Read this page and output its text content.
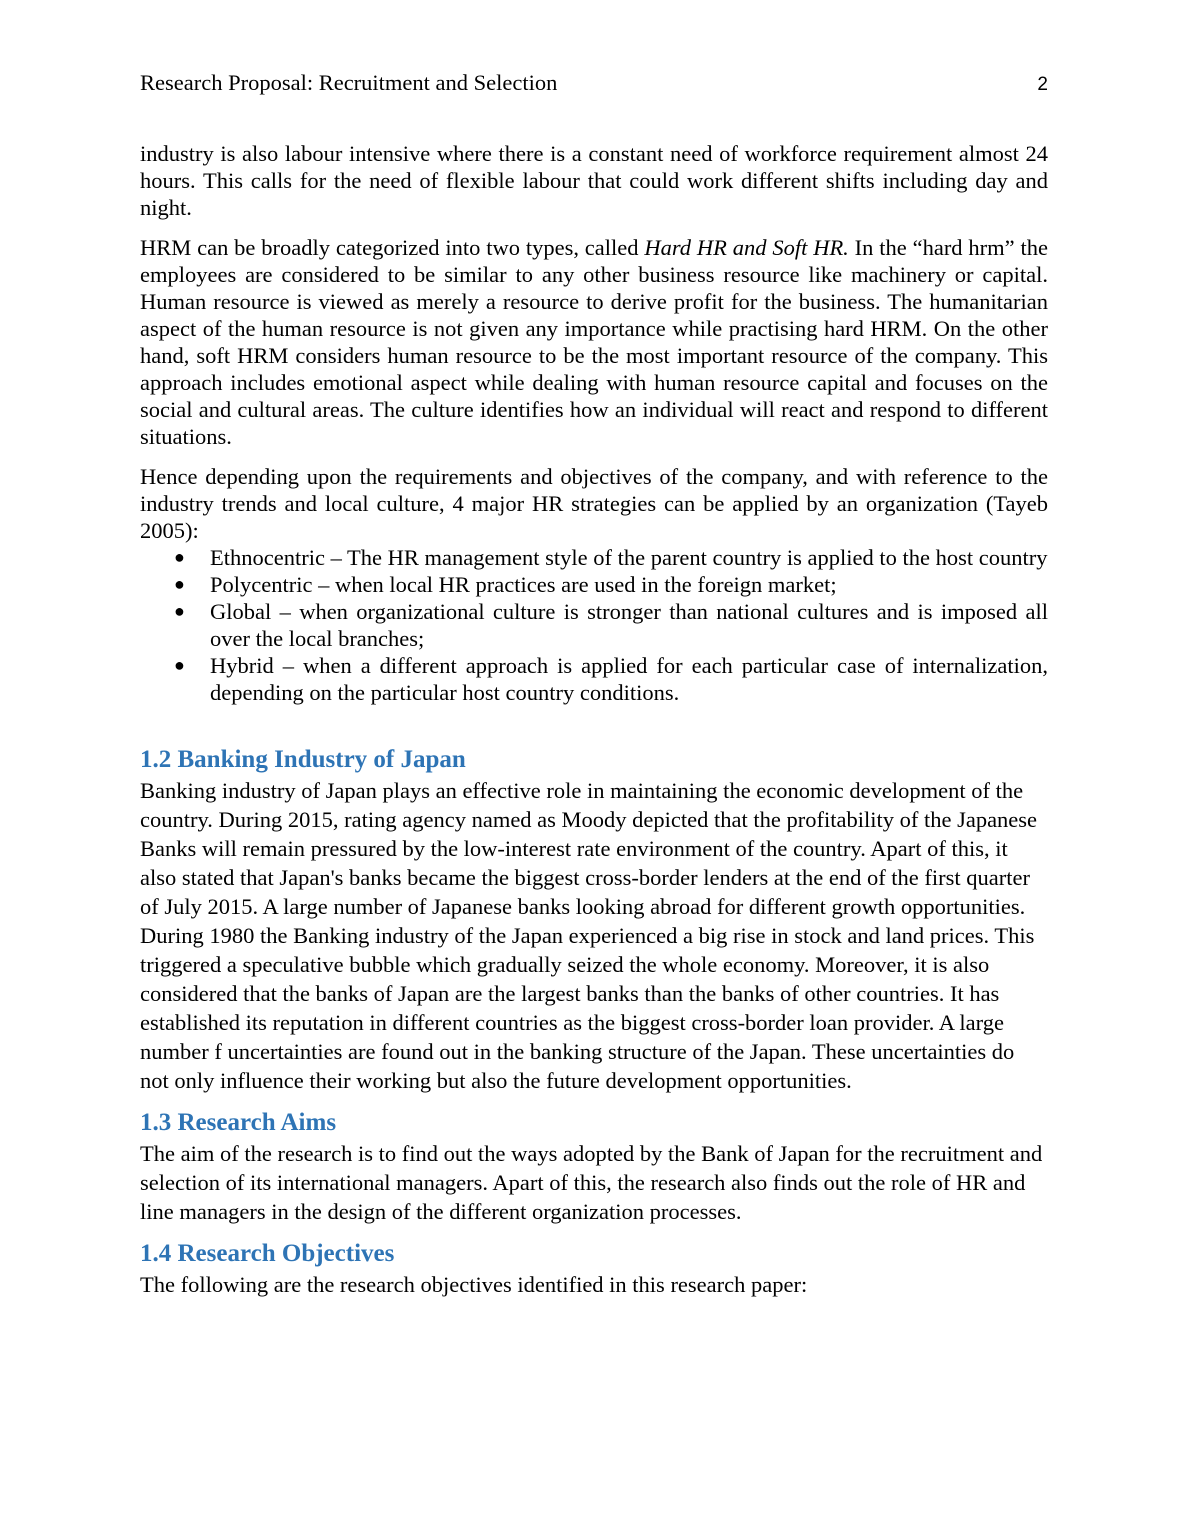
Research Proposal: Recruitment and Selection	2

industry is also labour intensive where there is a constant need of workforce requirement almost 24 hours. This calls for the need of flexible labour that could work different shifts including day and night.

HRM can be broadly categorized into two types, called Hard HR and Soft HR. In the “hard hrm” the employees are considered to be similar to any other business resource like machinery or capital. Human resource is viewed as merely a resource to derive profit for the business. The humanitarian aspect of the human resource is not given any importance while practising hard HRM. On the other hand, soft HRM considers human resource to be the most important resource of the company. This approach includes emotional aspect while dealing with human resource capital and focuses on the social and cultural areas. The culture identifies how an individual will react and respond to different situations.

Hence depending upon the requirements and objectives of the company, and with reference to the industry trends and local culture, 4 major HR strategies can be applied by an organization (Tayeb 2005):

● Ethnocentric – The HR management style of the parent country is applied to the host country
● Polycentric – when local HR practices are used in the foreign market;
● Global – when organizational culture is stronger than national cultures and is imposed all over the local branches;
● Hybrid – when a different approach is applied for each particular case of internalization, depending on the particular host country conditions.
1.2 Banking Industry of Japan

Banking industry of Japan plays an effective role in maintaining the economic development of the country. During 2015, rating agency named as Moody depicted that the profitability of the Japanese Banks will remain pressured by the low-interest rate environment of the country. Apart of this, it also stated that Japan's banks became the biggest cross-border lenders at the end of the first quarter of July 2015. A large number of Japanese banks looking abroad for different growth opportunities. During 1980 the Banking industry of the Japan experienced a big rise in stock and land prices. This triggered a speculative bubble which gradually seized the whole economy. Moreover, it is also considered that the banks of Japan are the largest banks than the banks of other countries. It has established its reputation in different countries as the biggest cross-border loan provider. A large number f uncertainties are found out in the banking structure of the Japan. These uncertainties do not only influence their working but also the future development opportunities.

1.3 Research Aims

The aim of the research is to find out the ways adopted by the Bank of Japan for the recruitment and selection of its international managers. Apart of this, the research also finds out the role of HR and line managers in the design of the different organization processes.

1.4 Research Objectives

The following are the research objectives identified in this research paper:
